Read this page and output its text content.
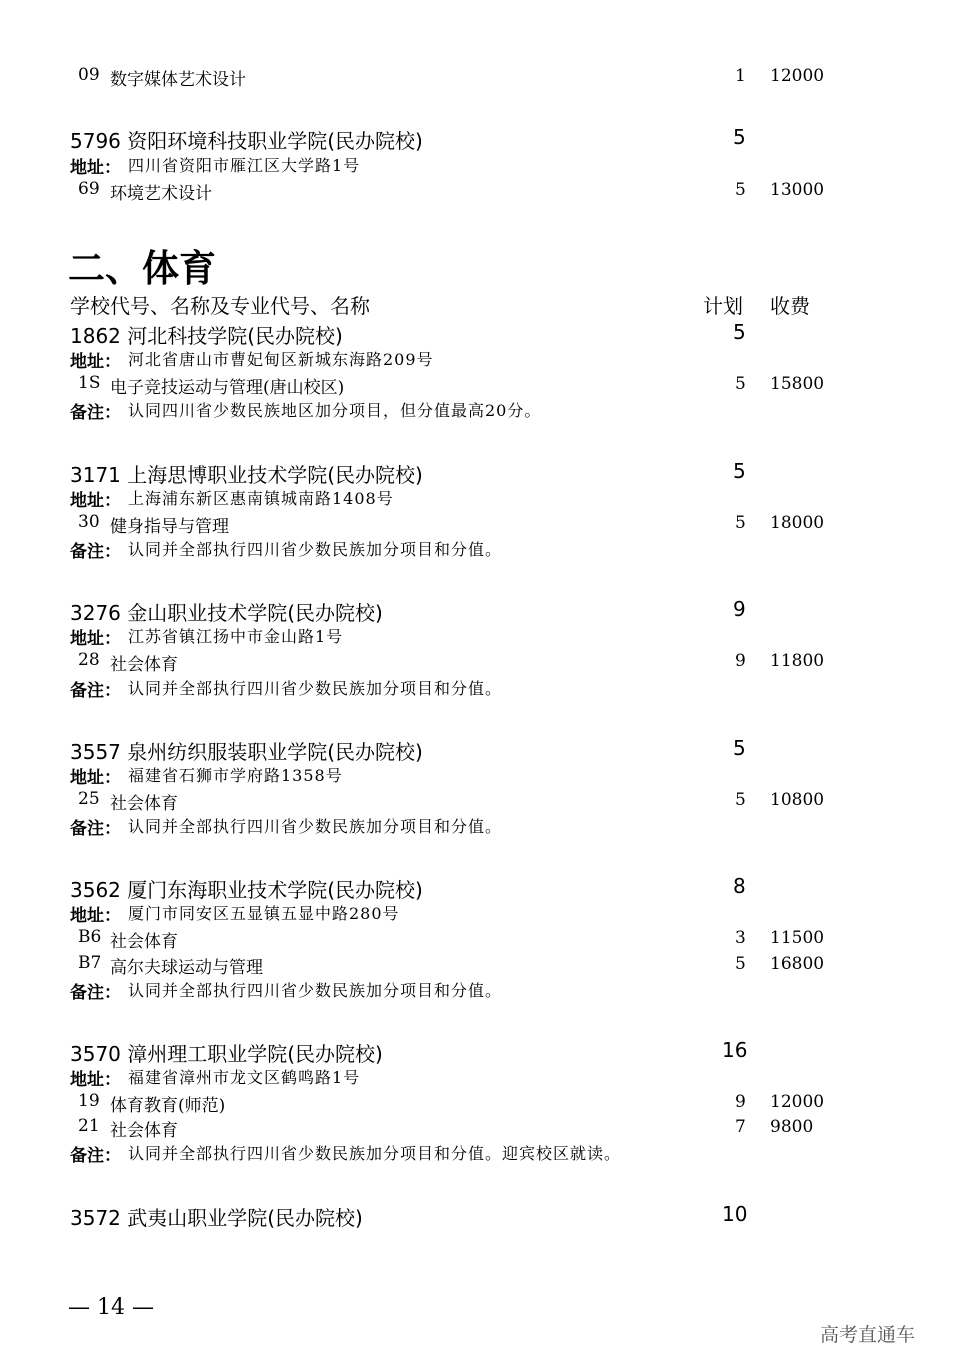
09 数字媒体艺术设计	1 12000
5796 资阳环境科技职业学院(民办院校)	5
地址： 四川省资阳市雁江区大学路1号
69 环境艺术设计	5 13000
二、体育
学校代号、名称及专业代号、名称	计划 收费
1862 河北科技学院(民办院校)	5
地址： 河北省唐山市曹妃甸区新城东海路209号
1S 电子竞技运动与管理(唐山校区)	5 15800
备注： 认同四川省少数民族地区加分项目，但分值最高20分。
3171 上海思博职业技术学院(民办院校)	5
地址： 上海浦东新区惠南镇城南路1408号
30 健身指导与管理	5 18000
备注： 认同并全部执行四川省少数民族加分项目和分值。
3276 金山职业技术学院(民办院校)	9
地址： 江苏省镇江扬中市金山路1号
28 社会体育	9 11800
备注： 认同并全部执行四川省少数民族加分项目和分值。
3557 泉州纺织服装职业学院(民办院校)	5
地址： 福建省石狮市学府路1358号
25 社会体育	5 10800
备注： 认同并全部执行四川省少数民族加分项目和分值。
3562 厦门东海职业技术学院(民办院校)	8
地址： 厦门市同安区五显镇五显中路280号
B6 社会体育	3 11500
B7 高尔夫球运动与管理	5 16800
备注： 认同并全部执行四川省少数民族加分项目和分值。
3570 漳州理工职业学院(民办院校)	16
地址： 福建省漳州市龙文区鹤鸣路1号
19 体育教育(师范)	9 12000
21 社会体育	7 9800
备注： 认同并全部执行四川省少数民族加分项目和分值。迎宾校区就读。
3572 武夷山职业学院(民办院校)	10
— 14 —
高考直通车
